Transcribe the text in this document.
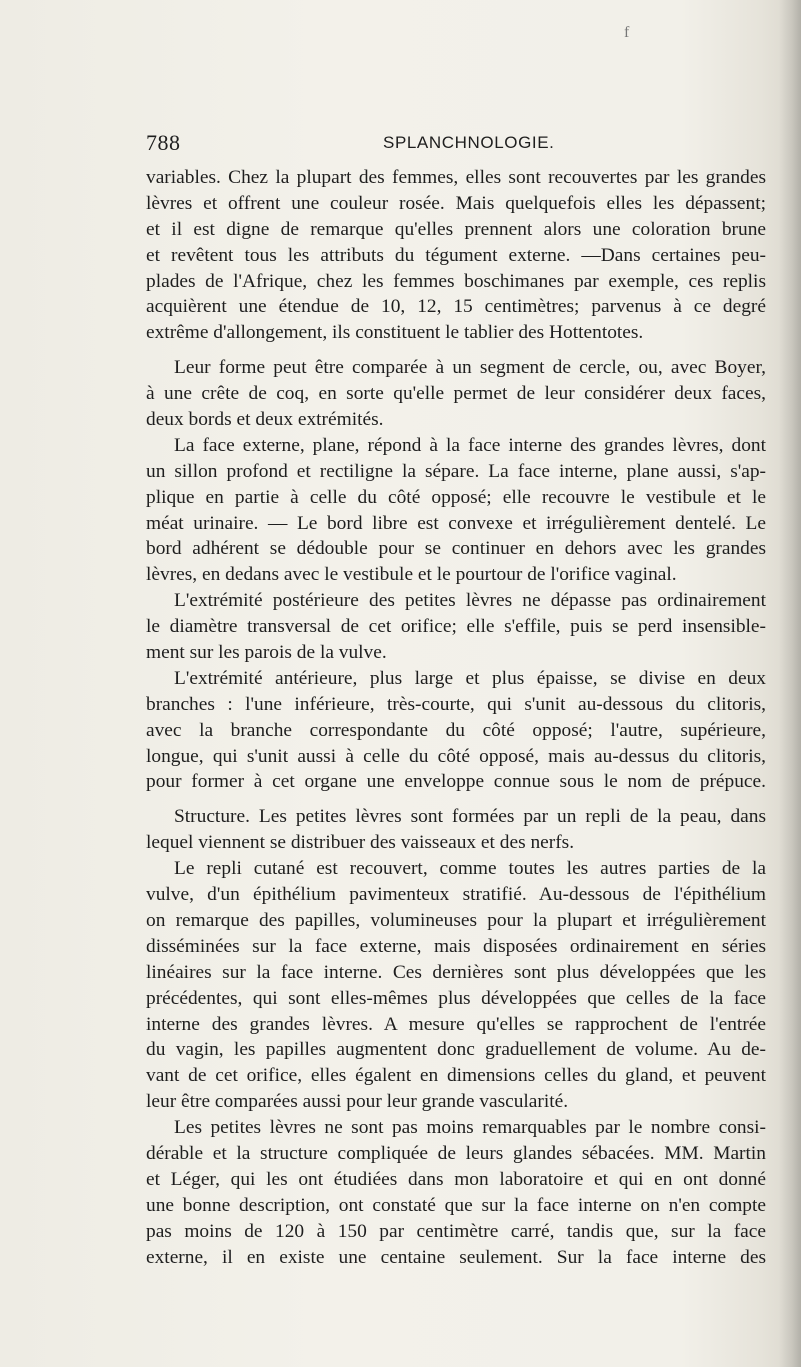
f
788	SPLANCHNOLOGIE.
variables. Chez la plupart des femmes, elles sont recouvertes par les grandes
lèvres et offrent une couleur rosée. Mais quelquefois elles les dépassent;
et il est digne de remarque qu'elles prennent alors une coloration brune
et revêtent tous les attributs du tégument externe. —Dans certaines peu-
plades de l'Afrique, chez les femmes boschimanes par exemple, ces replis
acquièrent une étendue de 10, 12, 15 centimètres; parvenus à ce degré
extrême d'allongement, ils constituent le tablier des Hottentotes.
Leur forme peut être comparée à un segment de cercle, ou, avec Boyer,
à une crête de coq, en sorte qu'elle permet de leur considérer deux faces,
deux bords et deux extrémités.
La face externe, plane, répond à la face interne des grandes lèvres, dont
un sillon profond et rectiligne la sépare. La face interne, plane aussi, s'ap-
plique en partie à celle du côté opposé; elle recouvre le vestibule et le
méat urinaire. — Le bord libre est convexe et irrégulièrement dentelé. Le
bord adhérent se dédouble pour se continuer en dehors avec les grandes
lèvres, en dedans avec le vestibule et le pourtour de l'orifice vaginal.
L'extrémité postérieure des petites lèvres ne dépasse pas ordinairement
le diamètre transversal de cet orifice; elle s'effile, puis se perd insensible-
ment sur les parois de la vulve.
L'extrémité antérieure, plus large et plus épaisse, se divise en deux
branches : l'une inférieure, très-courte, qui s'unit au-dessous du clitoris,
avec la branche correspondante du côté opposé; l'autre, supérieure,
longue, qui s'unit aussi à celle du côté opposé, mais au-dessus du clitoris,
pour former à cet organe une enveloppe connue sous le nom de prépuce.
Structure. Les petites lèvres sont formées par un repli de la peau, dans
lequel viennent se distribuer des vaisseaux et des nerfs.
Le repli cutané est recouvert, comme toutes les autres parties de la
vulve, d'un épithélium pavimenteux stratifié. Au-dessous de l'épithélium
on remarque des papilles, volumineuses pour la plupart et irrégulièrement
disséminées sur la face externe, mais disposées ordinairement en séries
linéaires sur la face interne. Ces dernières sont plus développées que les
précédentes, qui sont elles-mêmes plus développées que celles de la face
interne des grandes lèvres. A mesure qu'elles se rapprochent de l'entrée
du vagin, les papilles augmentent donc graduellement de volume. Au de-
vant de cet orifice, elles égalent en dimensions celles du gland, et peuvent
leur être comparées aussi pour leur grande vascularité.
Les petites lèvres ne sont pas moins remarquables par le nombre consi-
dérable et la structure compliquée de leurs glandes sébacées. MM. Martin
et Léger, qui les ont étudiées dans mon laboratoire et qui en ont donné
une bonne description, ont constaté que sur la face interne on n'en compte
pas moins de 120 à 150 par centimètre carré, tandis que, sur la face
externe, il en existe une centaine seulement. Sur la face interne des
